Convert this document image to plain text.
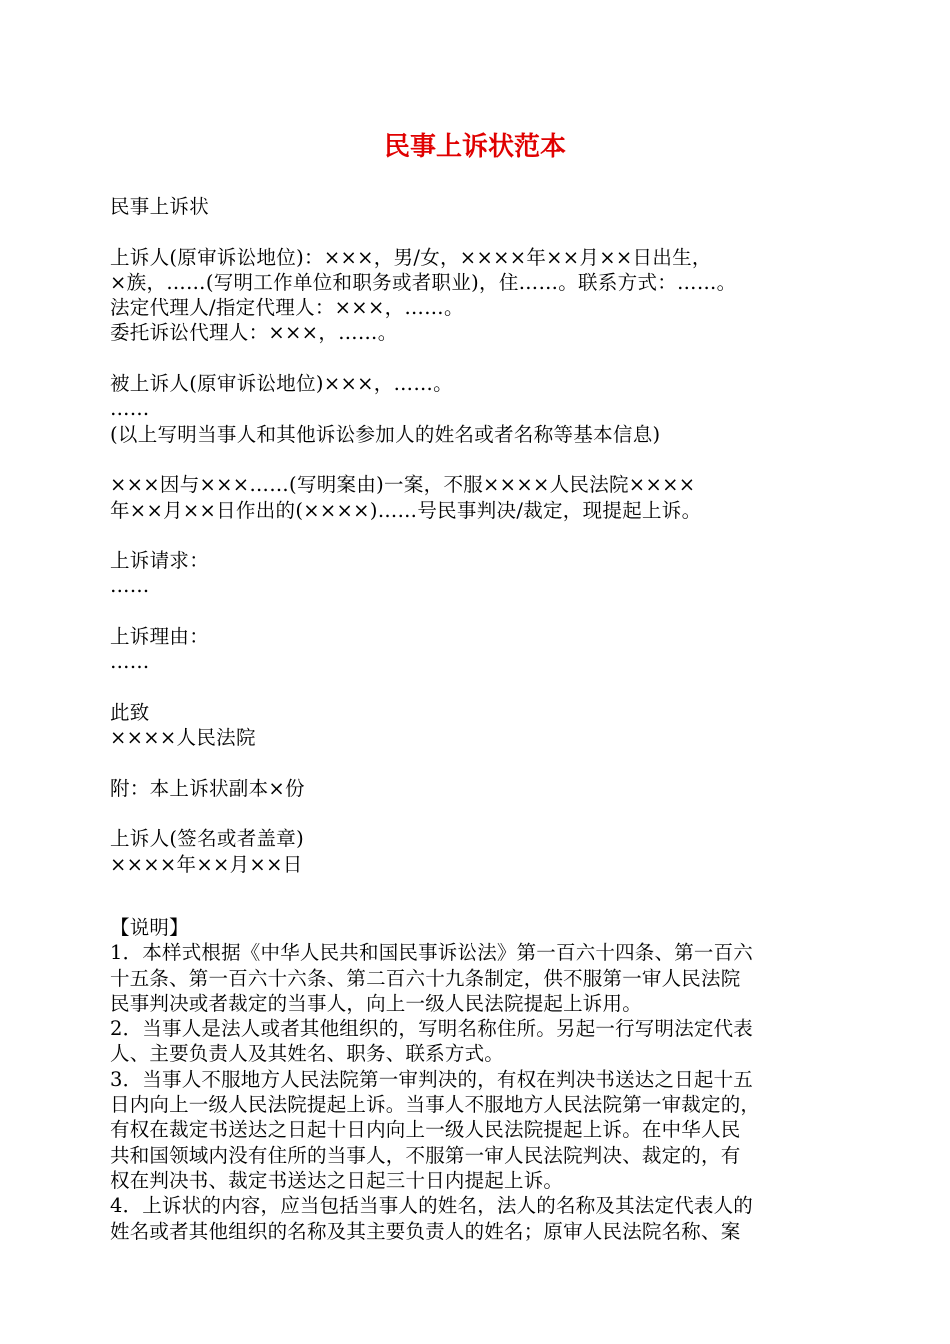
民事上诉状范本
民事上诉状
上诉人(原审诉讼地位)：×××，男/女，××××年××月××日出生，
×族，……(写明工作单位和职务或者职业)，住……。联系方式：……。
法定代理人/指定代理人：×××，……。
委托诉讼代理人：×××，……。
被上诉人(原审诉讼地位)×××，……。
……
(以上写明当事人和其他诉讼参加人的姓名或者名称等基本信息)
×××因与×××……(写明案由)一案，不服××××人民法院××××
年××月××日作出的(××××)……号民事判决/裁定，现提起上诉。
上诉请求：
……
上诉理由：
……
此致
××××人民法院
附：本上诉状副本×份
上诉人(签名或者盖章)
××××年××月××日
【说明】
1．本样式根据《中华人民共和国民事诉讼法》第一百六十四条、第一百六
十五条、第一百六十六条、第二百六十九条制定，供不服第一审人民法院
民事判决或者裁定的当事人，向上一级人民法院提起上诉用。
2．当事人是法人或者其他组织的，写明名称住所。另起一行写明法定代表
人、主要负责人及其姓名、职务、联系方式。
3．当事人不服地方人民法院第一审判决的，有权在判决书送达之日起十五
日内向上一级人民法院提起上诉。当事人不服地方人民法院第一审裁定的，
有权在裁定书送达之日起十日内向上一级人民法院提起上诉。在中华人民
共和国领域内没有住所的当事人，不服第一审人民法院判决、裁定的，有
权在判决书、裁定书送达之日起三十日内提起上诉。
4．上诉状的内容，应当包括当事人的姓名，法人的名称及其法定代表人的
姓名或者其他组织的名称及其主要负责人的姓名；原审人民法院名称、案
